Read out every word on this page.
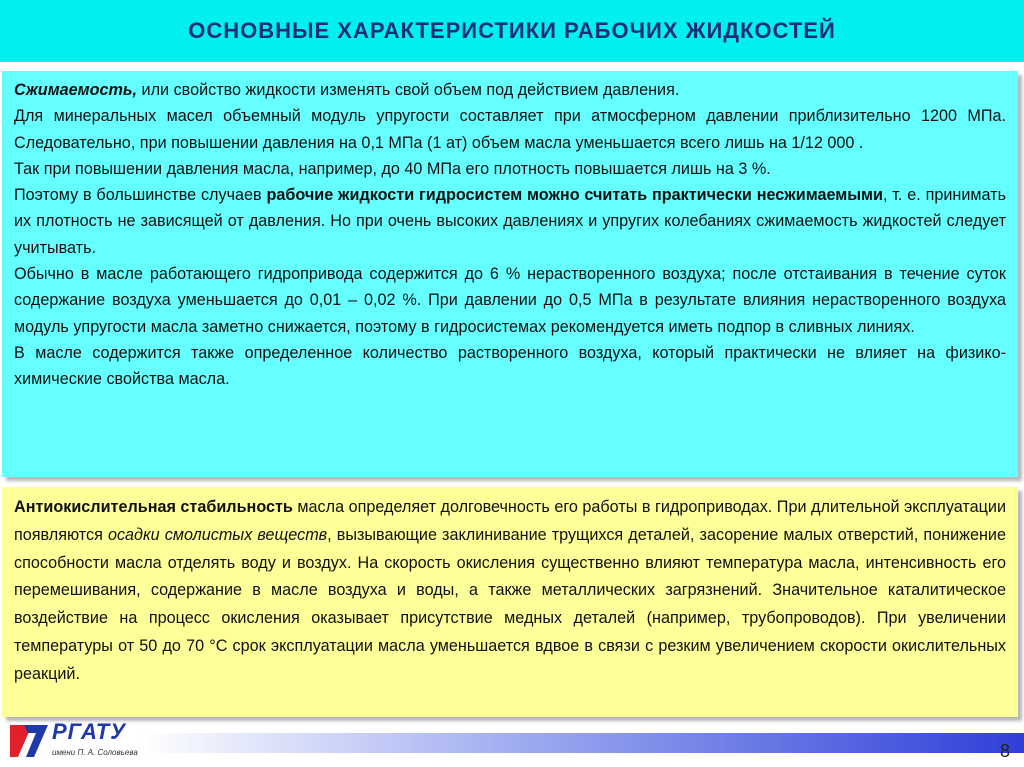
ОСНОВНЫЕ ХАРАКТЕРИСТИКИ РАБОЧИХ ЖИДКОСТЕЙ

Сжимаемость, или свойство жидкости изменять свой объем под действием давления.

Для минеральных масел объемный модуль упругости составляет при атмосферном давлении приблизительно 1200 МПа. Следовательно, при повышении давления на 0,1 МПа (1 ат) объем масла уменьшается всего лишь на 1/12 000 .

Так при повышении давления масла, например, до 40 МПа его плотность повышается лишь на 3 %.

Поэтому в большинстве случаев рабочие жидкости гидросистем можно считать практически несжимаемыми, т. е. принимать их плотность не зависящей от давления. Но при очень высоких давлениях и упругих колебаниях сжимаемость жидкостей следует учитывать.

Обычно в масле работающего гидропривода содержится до 6 % нерастворенного воздуха; после отстаивания в течение суток содержание воздуха уменьшается до 0,01 – 0,02 %. При давлении до 0,5 МПа в результате влияния нерастворенного воздуха модуль упругости масла заметно снижается, поэтому в гидросистемах рекомендуется иметь подпор в сливных линиях.

В масле содержится также определенное количество растворенного воздуха, который практически не влияет на физико-химические свойства масла.

Антиокислительная стабильность масла определяет долговечность его работы в гидроприводах. При длительной эксплуатации появляются осадки смолистых веществ, вызывающие заклинивание трущихся деталей, засорение малых отверстий, понижение способности масла отделять воду и воздух. На скорость окисления существенно влияют температура масла, интенсивность его перемешивания, содержание в масле воздуха и воды, а также металлических загрязнений. Значительное каталитическое воздействие на процесс окисления оказывает присутствие медных деталей (например, трубопроводов). При увеличении температуры от 50 до 70 °С срок эксплуатации масла уменьшается вдвое в связи с резким увеличением скорости окислительных реакций.

РГАТУ
имени П. А. Соловьева	8
